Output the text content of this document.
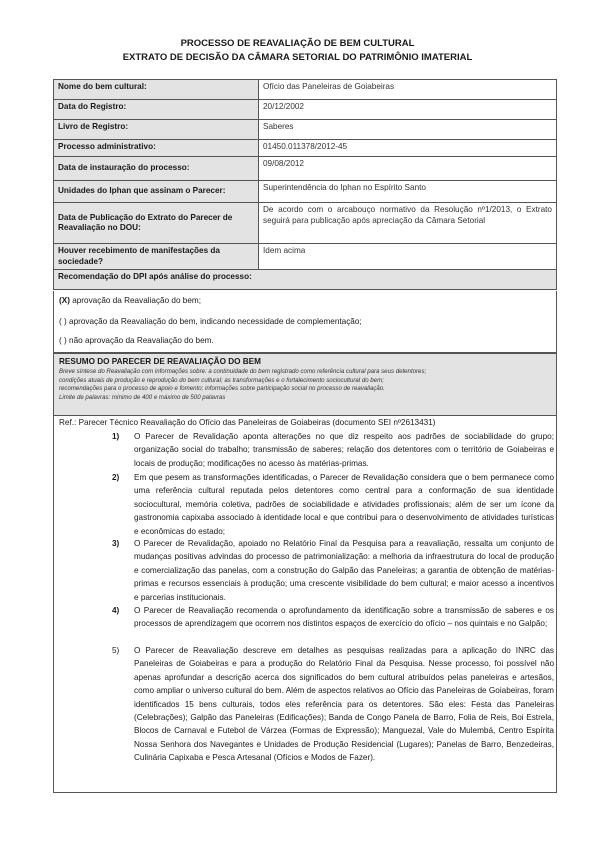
PROCESSO DE REAVALIAÇÃO DE BEM CULTURAL
EXTRATO DE DECISÃO DA CÂMARA SETORIAL DO PATRIMÔNIO IMATERIAL
Nome do bem cultural:	Ofício das Paneleiras de Goiabeiras
Data do Registro:	20/12/2002
Livro de Registro:	Saberes
Processo administrativo:	01450.011378/2012-45
Data de instauração do processo:	09/08/2012
Unidades do Iphan que assinam o Parecer:	Superintendência do Iphan no Espírito Santo
Data de Publicação do Extrato do Parecer de Reavaliação no DOU:	De acordo com o arcabouço normativo da Resolução nº1/2013, o Extrato seguirá para publicação após apreciação da Câmara Setorial
Houver recebimento de manifestações da sociedade?	Idem acima
Recomendação do DPI após análise do processo:	
(X) aprovação da Reavaliação do bem;
( ) aprovação da Reavaliação do bem, indicando necessidade de complementação;
( ) não aprovação da Reavaliação do bem.
RESUMO DO PARECER DE REAVALIAÇÃO DO BEM
Breve síntese do Reavaliação com informações sobre: a continuidade do bem registrado como referência cultural para seus detentores;
condições atuais de produção e reprodução do bem cultural; as transformações e o fortalecimento sociocultural do bem;
recomendações para o processo de apoio e fomento; informações sobre participação social no processo de reavaliação.
Limite de palavras: mínimo de 400 e máximo de 500 palavras
Ref.: Parecer Técnico Reavaliação do Ofício das Paneleiras de Goiabeiras (documento SEI nº2613431)
1) O Parecer de Revalidação aponta alterações no que diz respeito aos padrões de sociabilidade do grupo; organização social do trabalho; transmissão de saberes; relação dos detentores com o território de Goiabeiras e locais de produção; modificações no acesso às matérias-primas.
2) Em que pesem as transformações identificadas, o Parecer de Revalidação considera que o bem permanece como uma referência cultural reputada pelos detentores como central para a conformação de sua identidade sociocultural, memória coletiva, padrões de sociabilidade e atividades profissionais; além de ser um ícone da gastronomia capixaba associado à identidade local e que contribui para o desenvolvimento de atividades turísticas e econômicas do estado;
3) O Parecer de Revalidação, apoiado no Relatório Final da Pesquisa para a reavaliação, ressalta um conjunto de mudanças positivas advindas do processo de patrimonialização: a melhoria da infraestrutura do local de produção e comercialização das panelas, com a construção do Galpão das Paneleiras; a garantia de obtenção de matérias-primas e recursos essenciais à produção; uma crescente visibilidade do bem cultural; e maior acesso a incentivos e parcerias institucionais.
4) O Parecer de Reavaliação recomenda o aprofundamento da identificação sobre a transmissão de saberes e os processos de aprendizagem que ocorrem nos distintos espaços de exercício do ofício – nos quintais e no Galpão;
5) O Parecer de Reavaliação descreve em detalhes as pesquisas realizadas para a aplicação do INRC das Paneleiras de Goiabeiras e para a produção do Relatório Final da Pesquisa. Nesse processo, foi possível não apenas aprofundar a descrição acerca dos significados do bem cultural atribuídos pelas paneleiras e artesãos, como ampliar o universo cultural do bem. Além de aspectos relativos ao Ofício das Paneleiras de Goiabeiras, foram identificados 15 bens culturais, todos eles referência para os detentores. São eles: Festa das Paneleiras (Celebrações); Galpão das Paneleiras (Edificações); Banda de Congo Panela de Barro, Folia de Reis, Boi Estrela, Blocos de Carnaval e Futebol de Várzea (Formas de Expressão); Manguezal, Vale do Mulembá, Centro Espírita Nossa Senhora dos Navegantes e Unidades de Produção Residencial (Lugares); Panelas de Barro, Benzedeiras, Culinária Capixaba e Pesca Artesanal (Ofícios e Modos de Fazer).
